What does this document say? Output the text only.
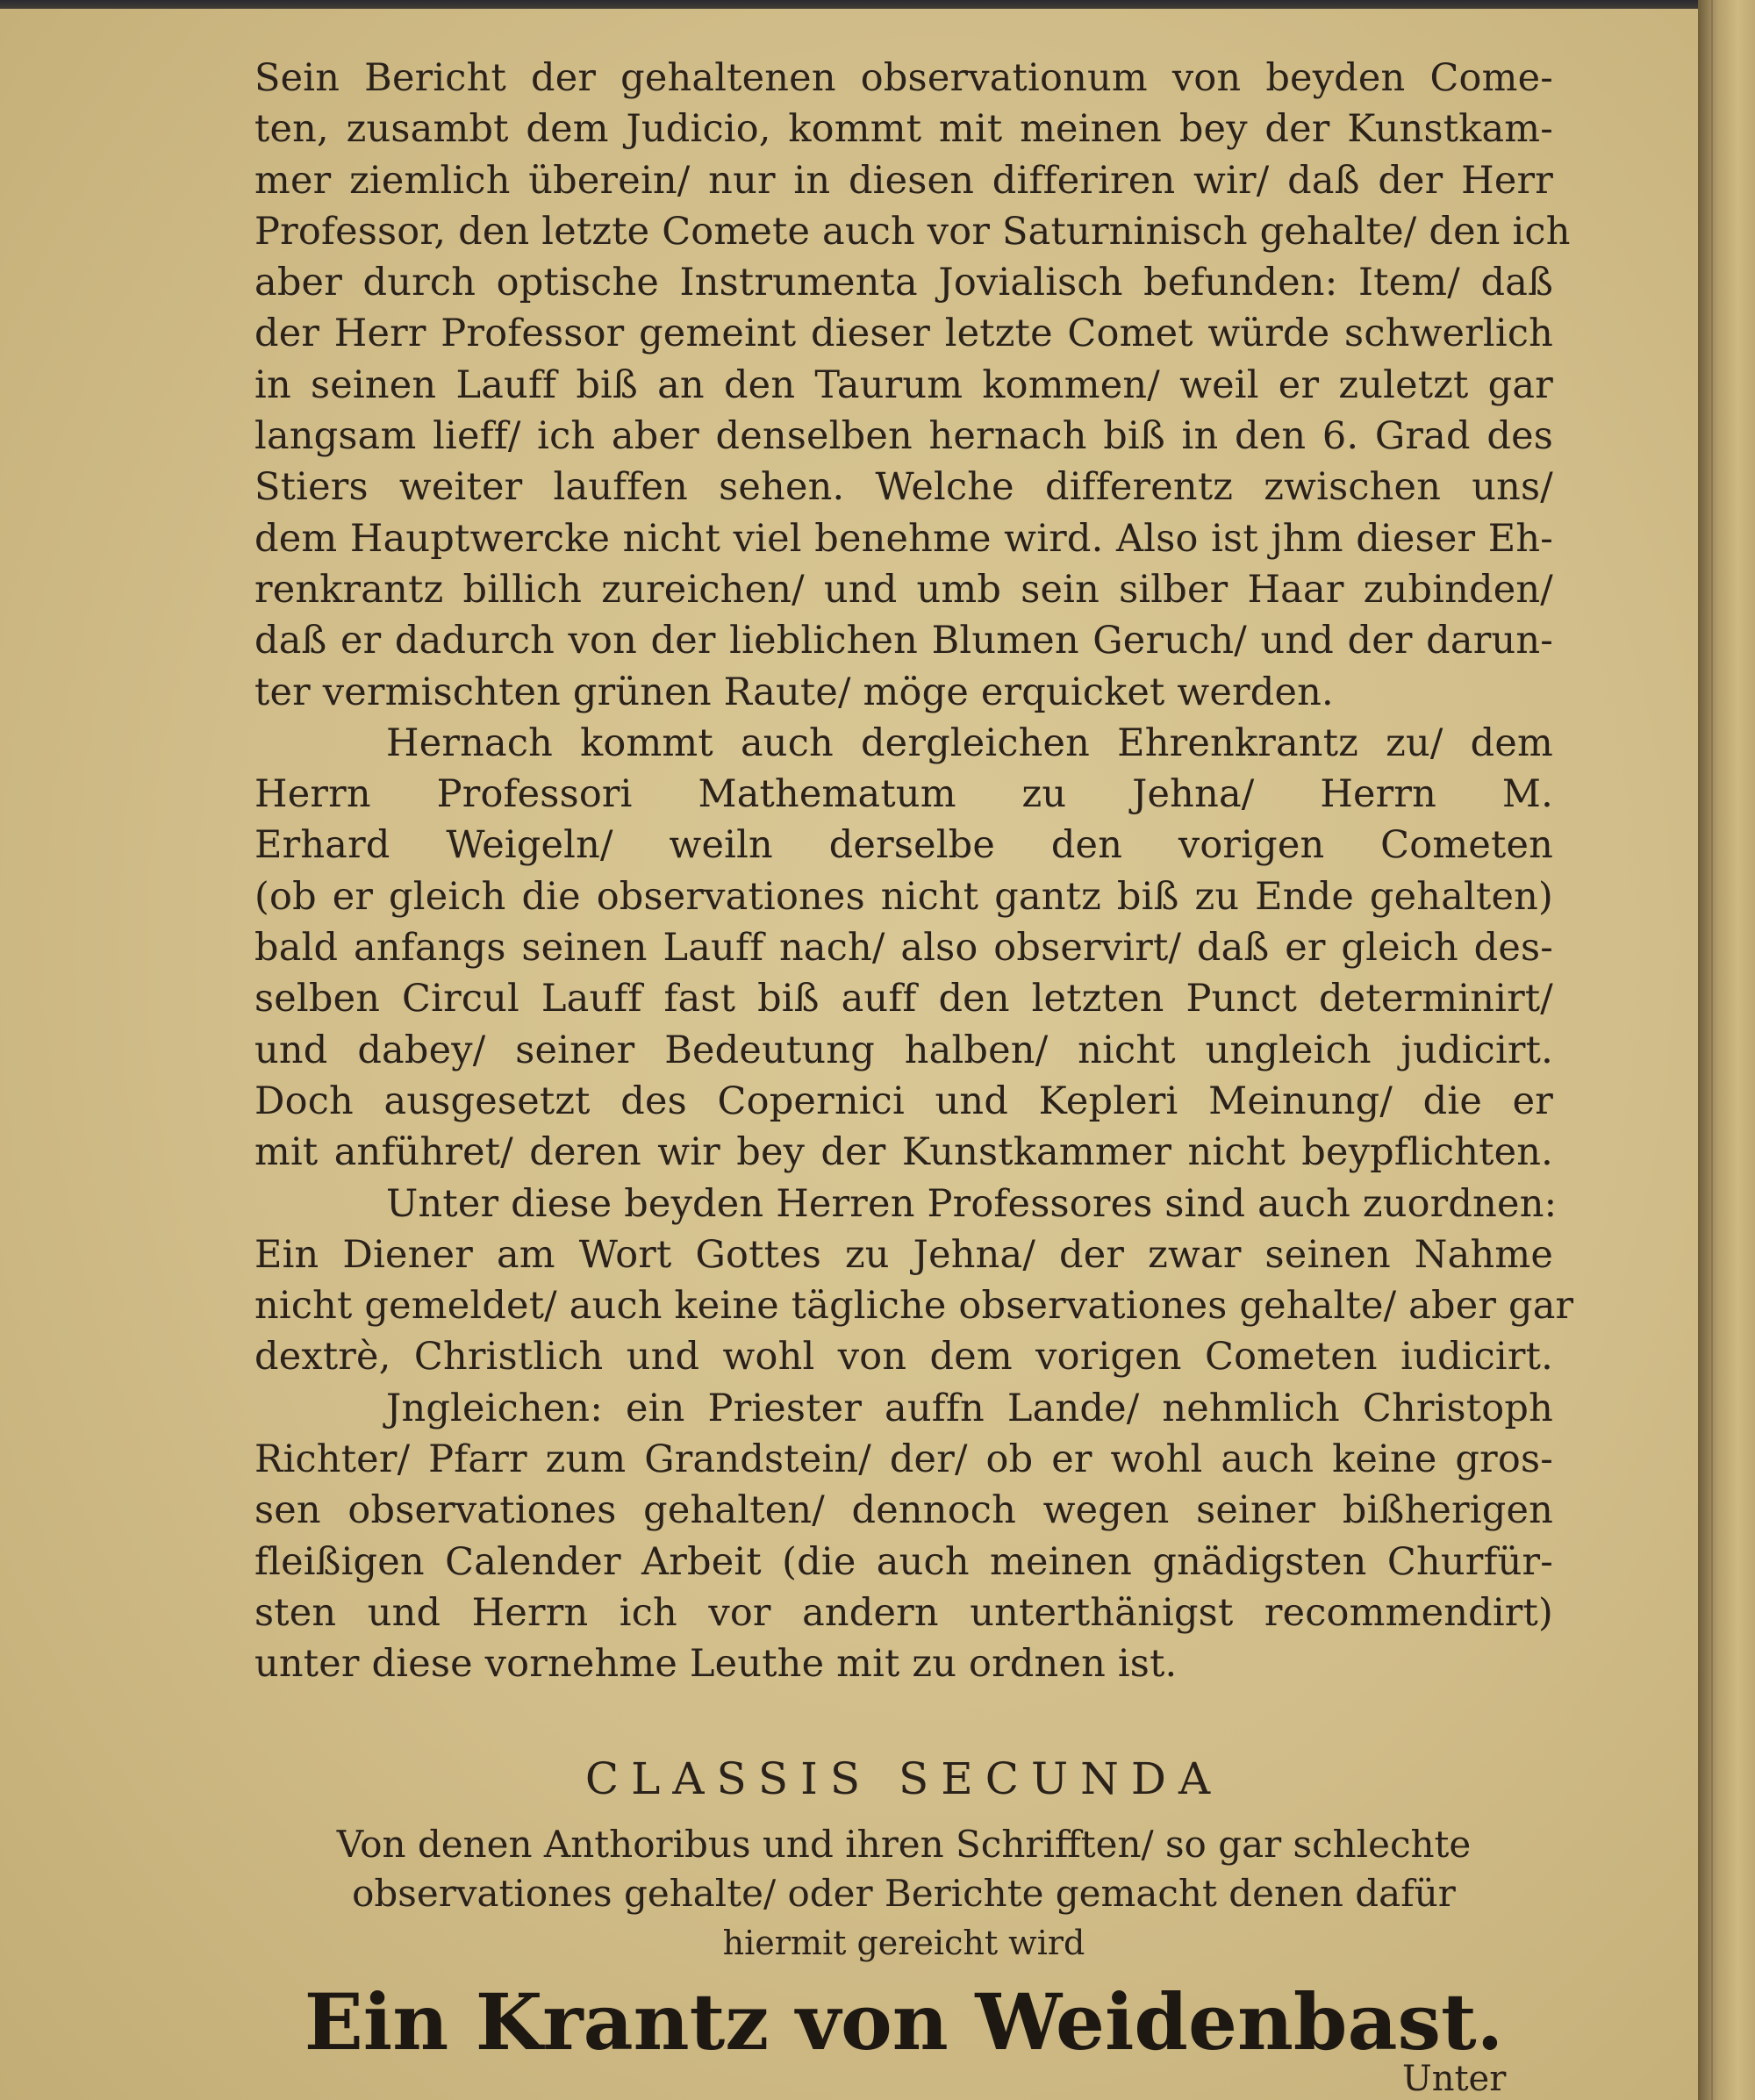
Sein Bericht der gehaltenen observationum von beyden Come-
ten, zusambt dem Judicio, kommt mit meinen bey der Kunstkam-
mer ziemlich überein/ nur in diesen differiren wir/ daß der Herr
Professor, den letzte Comete auch vor Saturninisch gehalte/ den ich
aber durch optische Instrumenta Jovialisch befunden: Item/ daß
der Herr Professor gemeint dieser letzte Comet würde schwerlich
in seinen Lauff biß an den Taurum kommen/ weil er zuletzt gar
langsam lieff/ ich aber denselben hernach biß in den 6. Grad des
Stiers weiter lauffen sehen. Welche differentz zwischen uns/
dem Hauptwercke nicht viel benehme wird. Also ist jhm dieser Eh-
renkrantz billich zureichen/ und umb sein silber Haar zubinden/
daß er dadurch von der lieblichen Blumen Geruch/ und der darun-
ter vermischten grünen Raute/ möge erquicket werden.
Hernach kommt auch dergleichen Ehrenkrantz zu/ dem
Herrn Professori Mathematum zu Jehna/ Herrn M.
Erhard Weigeln/ weiln derselbe den vorigen Cometen
(ob er gleich die observationes nicht gantz biß zu Ende gehalten)
bald anfangs seinen Lauff nach/ also observirt/ daß er gleich des-
selben Circul Lauff fast biß auff den letzten Punct determinirt/
und dabey/ seiner Bedeutung halben/ nicht ungleich judicirt.
Doch ausgesetzt des Copernici und Kepleri Meinung/ die er
mit anführet/ deren wir bey der Kunstkammer nicht beypflichten.
Unter diese beyden Herren Professores sind auch zuordnen:
Ein Diener am Wort Gottes zu Jehna/ der zwar seinen Nahme
nicht gemeldet/ auch keine tägliche observationes gehalte/ aber gar
dextrè, Christlich und wohl von dem vorigen Cometen iudicirt.
Jngleichen: ein Priester auffn Lande/ nehmlich Christoph
Richter/ Pfarr zum Grandstein/ der/ ob er wohl auch keine gros-
sen observationes gehalten/ dennoch wegen seiner bißherigen
fleißigen Calender Arbeit (die auch meinen gnädigsten Churfür-
sten und Herrn ich vor andern unterthänigst recommendirt)
unter diese vornehme Leuthe mit zu ordnen ist.
CLASSIS SECUNDA
Von denen Anthoribus und ihren Schrifften/ so gar schlechte
observationes gehalte/ oder Berichte gemacht denen dafür
hiermit gereicht wird
Ein Krantz von Weidenbast.
Unter
